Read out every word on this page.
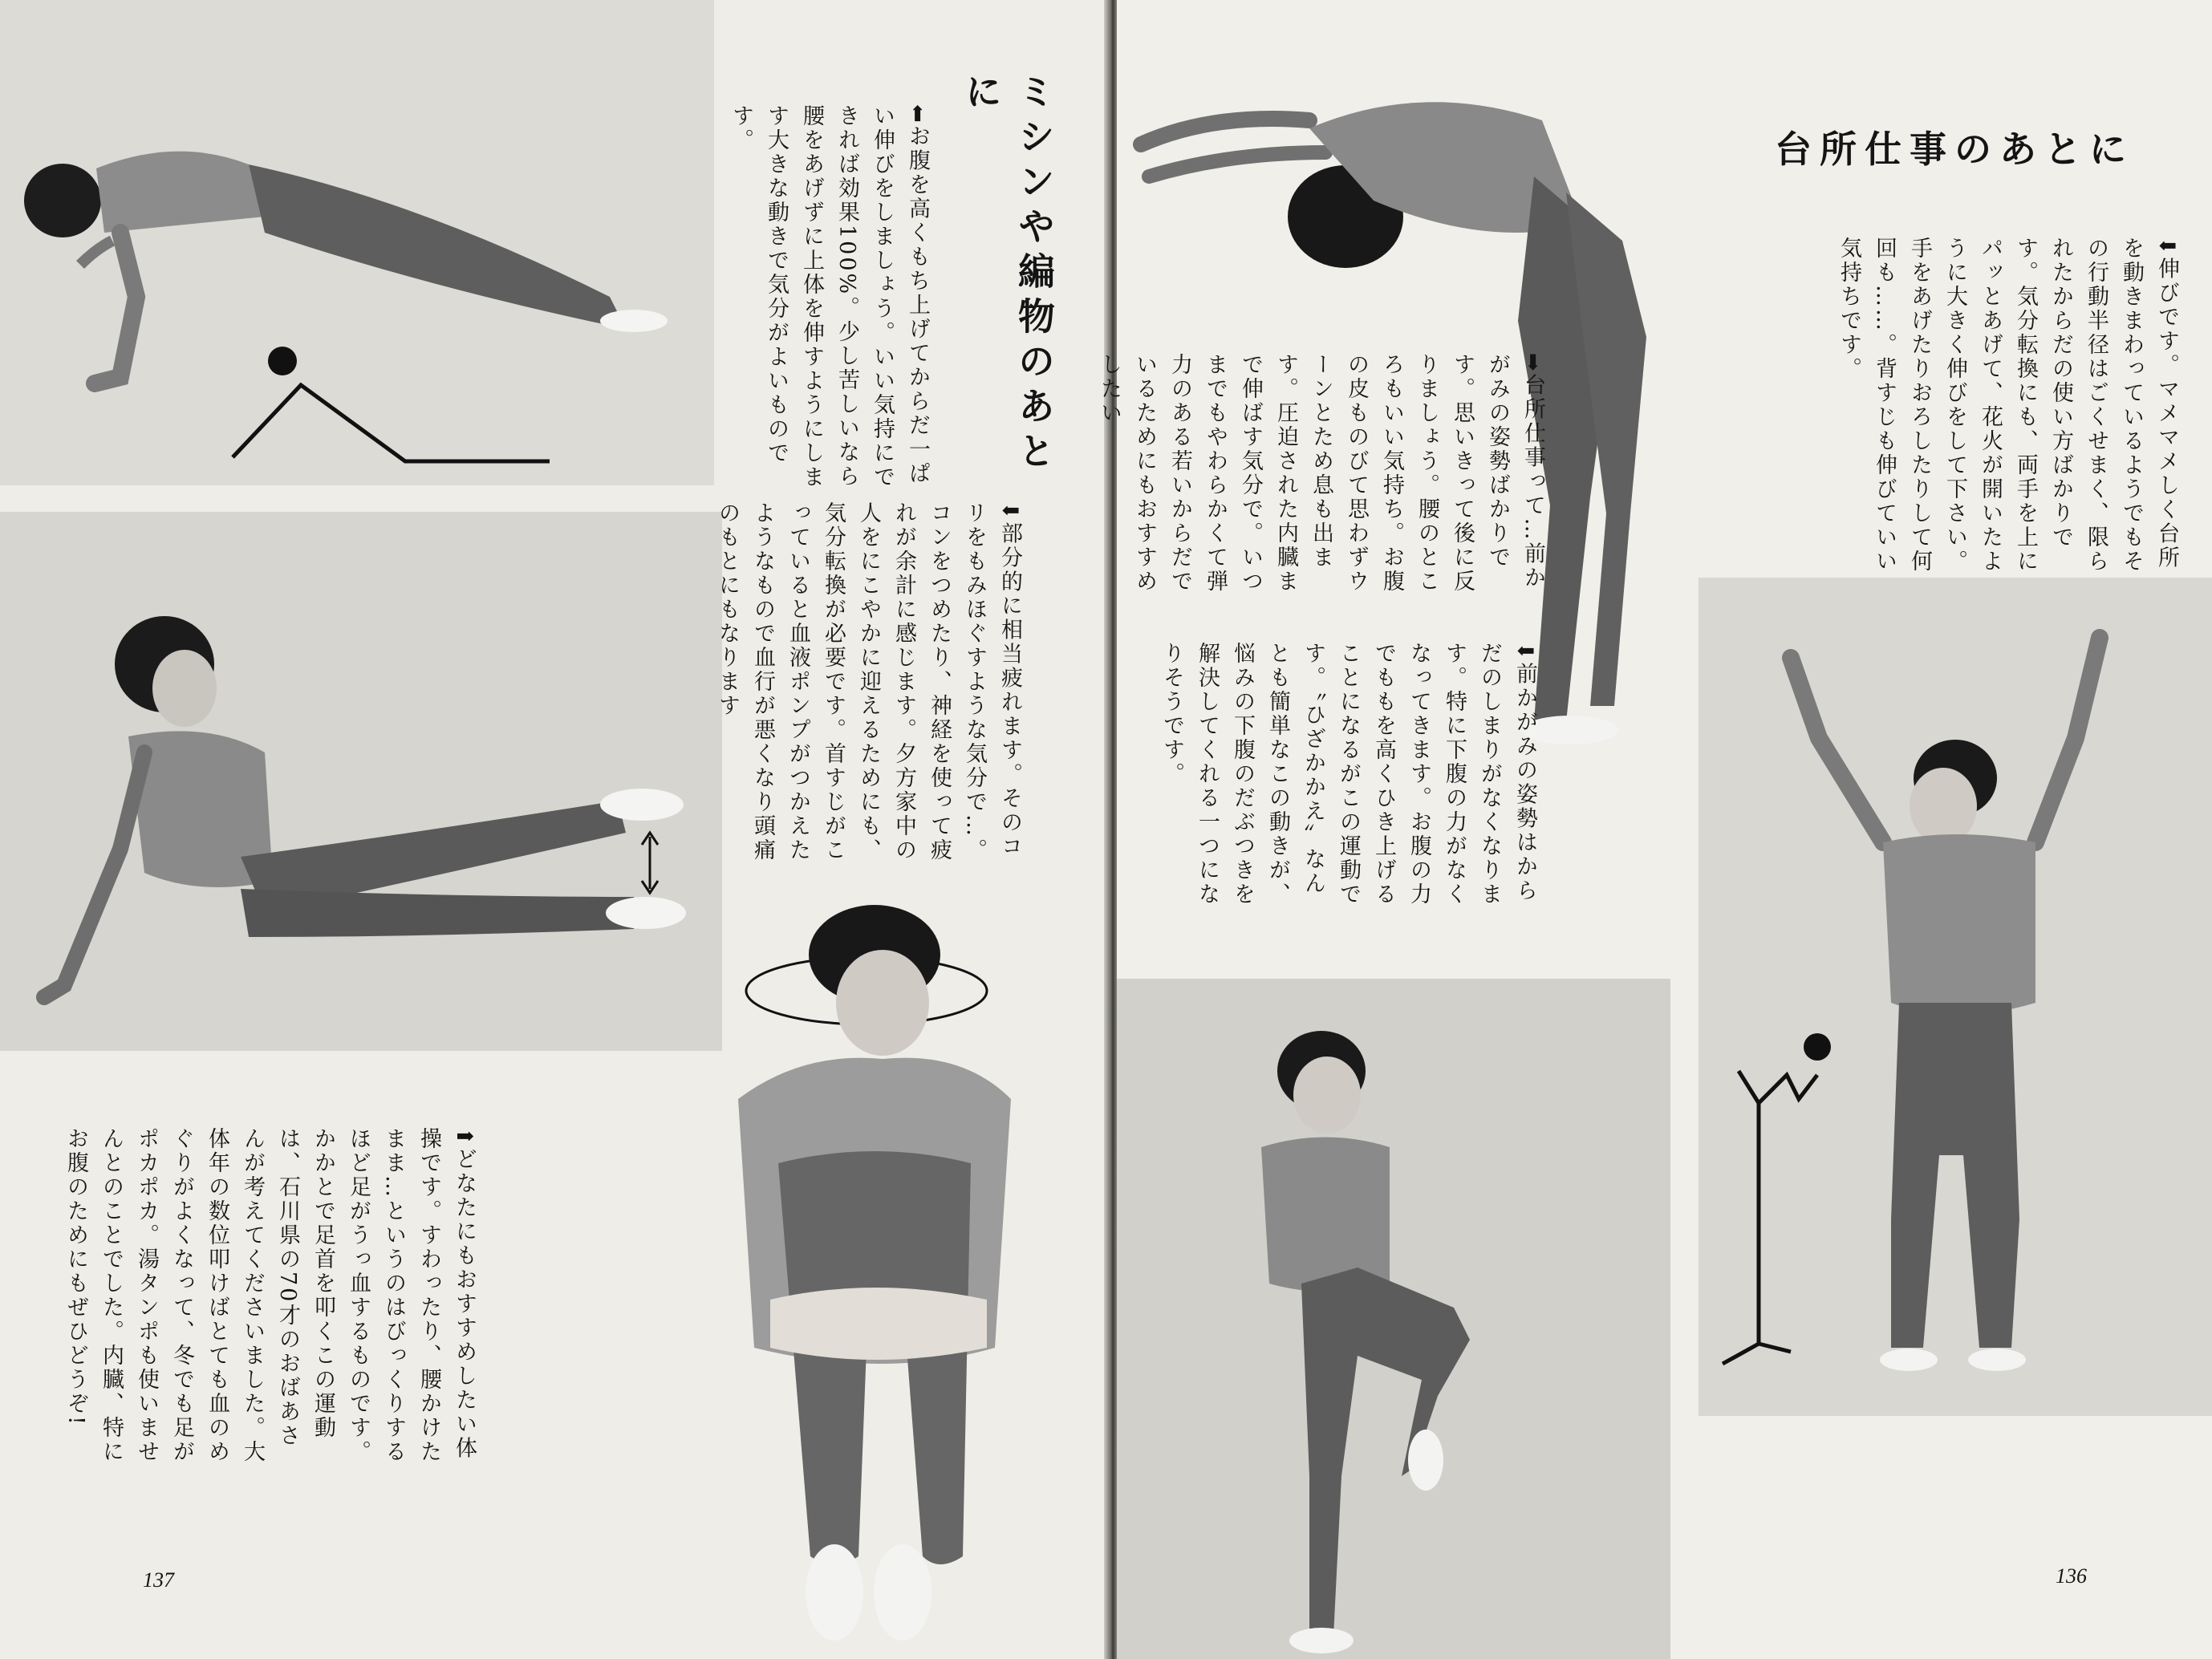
⬅お腹を高くもち上げてからだ一ぱい伸びをしましょう。いい気持にできれば効果100%。少し苦しいなら腰をあげずに上体を伸すようにします大きな動きで気分がよいものです。	ミシンや編物のあとに
⬇部分的に相当疲れます。そのコリをもみほぐすような気分で…。コンをつめたり、神経を使って疲れが余計に感じます。夕方家中の人をにこやかに迎えるためにも、気分転換が必要です。首すじがこっていると血液ポンプがつかえたようなもので血行が悪くなり頭痛のもとにもなります
⬆どなたにもおすすめしたい体操です。すわったり、腰かけたまま…というのはびっくりするほど足がうっ血するものです。かかとで足首を叩くこの運動は、石川県の70才のおばあさんが考えてくださいました。大体年の数位叩けばとても血のめぐりがよくなって、冬でも足がポカポカ。湯タンポも使いませんとのことでした。内臓、特にお腹のためにもぜひどうぞ!
137
台所仕事のあとに
⬇伸びです。マメマメしく台所を動きまわっているようでもその行動半径はごくせまく、限られたからだの使い方ばかりです。気分転換にも、両手を上にパッとあげて、花火が開いたように大きく伸びをして下さい。手をあげたりおろしたりして何回も……。背すじも伸びていい気持ちです。
➡台所仕事って…前かがみの姿勢ばかりです。思いきって後に反りましょう。腰のところもいい気持ち。お腹の皮ものびて思わずウーンとため息も出ます。圧迫された内臓まで伸ばす気分で。いつまでもやわらかくて弾力のある若いからだでいるためにもおすすめしたい
⬇前かがみの姿勢はからだのしまりがなくなります。特に下腹の力がなくなってきます。お腹の力でももを高くひき上げることになるがこの運動です。〝ひざかかえ〟なんとも簡単なこの動きが、悩みの下腹のだぶつきを解決してくれる一つになりそうです。
136
